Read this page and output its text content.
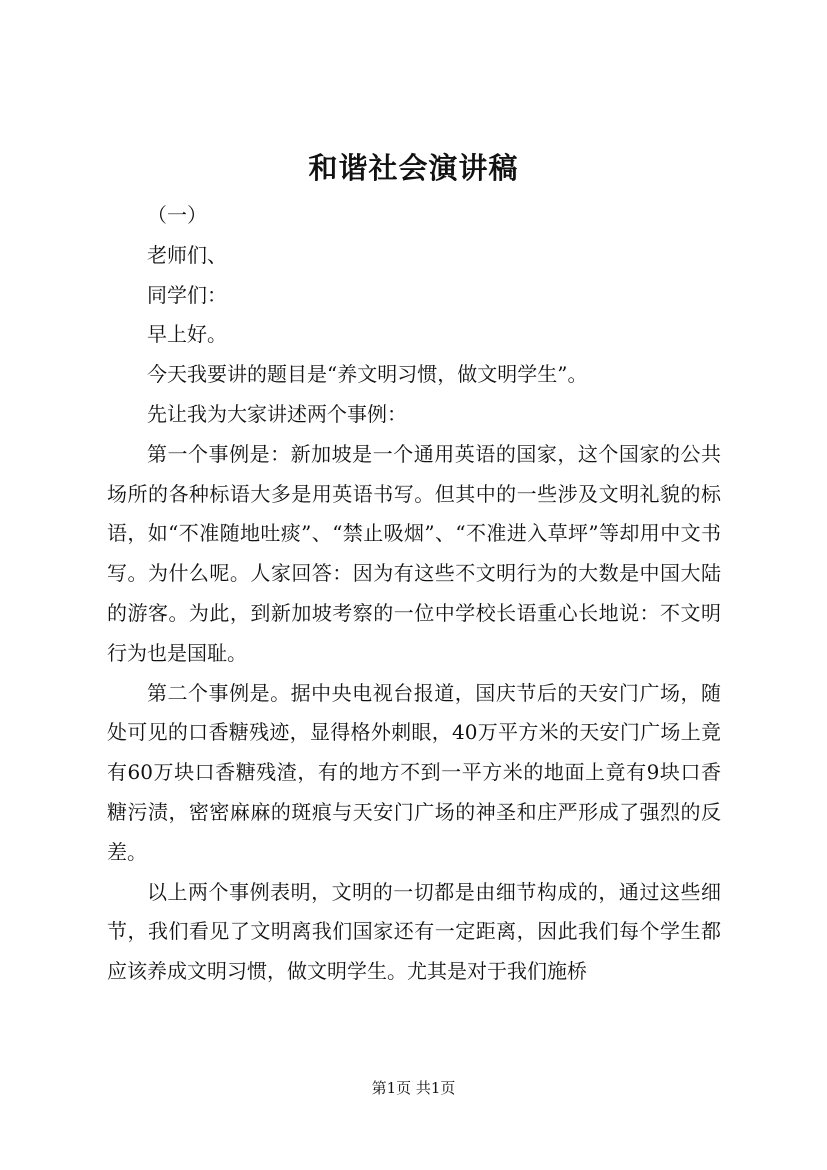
和谐社会演讲稿

（一）

老师们、

同学们：

早上好。

今天我要讲的题目是“养文明习惯，做文明学生”。

先让我为大家讲述两个事例：

第一个事例是：新加坡是一个通用英语的国家，这个国家的公共场所的各种标语大多是用英语书写。但其中的一些涉及文明礼貌的标语，如“不准随地吐痰”、“禁止吸烟”、“不准进入草坪”等却用中文书写。为什么呢。人家回答：因为有这些不文明行为的大数是中国大陆的游客。为此，到新加坡考察的一位中学校长语重心长地说：不文明行为也是国耻。

第二个事例是。据中央电视台报道，国庆节后的天安门广场，随处可见的口香糖残迹，显得格外刺眼，40万平方米的天安门广场上竟有60万块口香糖残渣，有的地方不到一平方米的地面上竟有9块口香糖污渍，密密麻麻的斑痕与天安门广场的神圣和庄严形成了强烈的反差。

以上两个事例表明，文明的一切都是由细节构成的，通过这些细节，我们看见了文明离我们国家还有一定距离，因此我们每个学生都应该养成文明习惯，做文明学生。尤其是对于我们施桥

第1页 共1页
